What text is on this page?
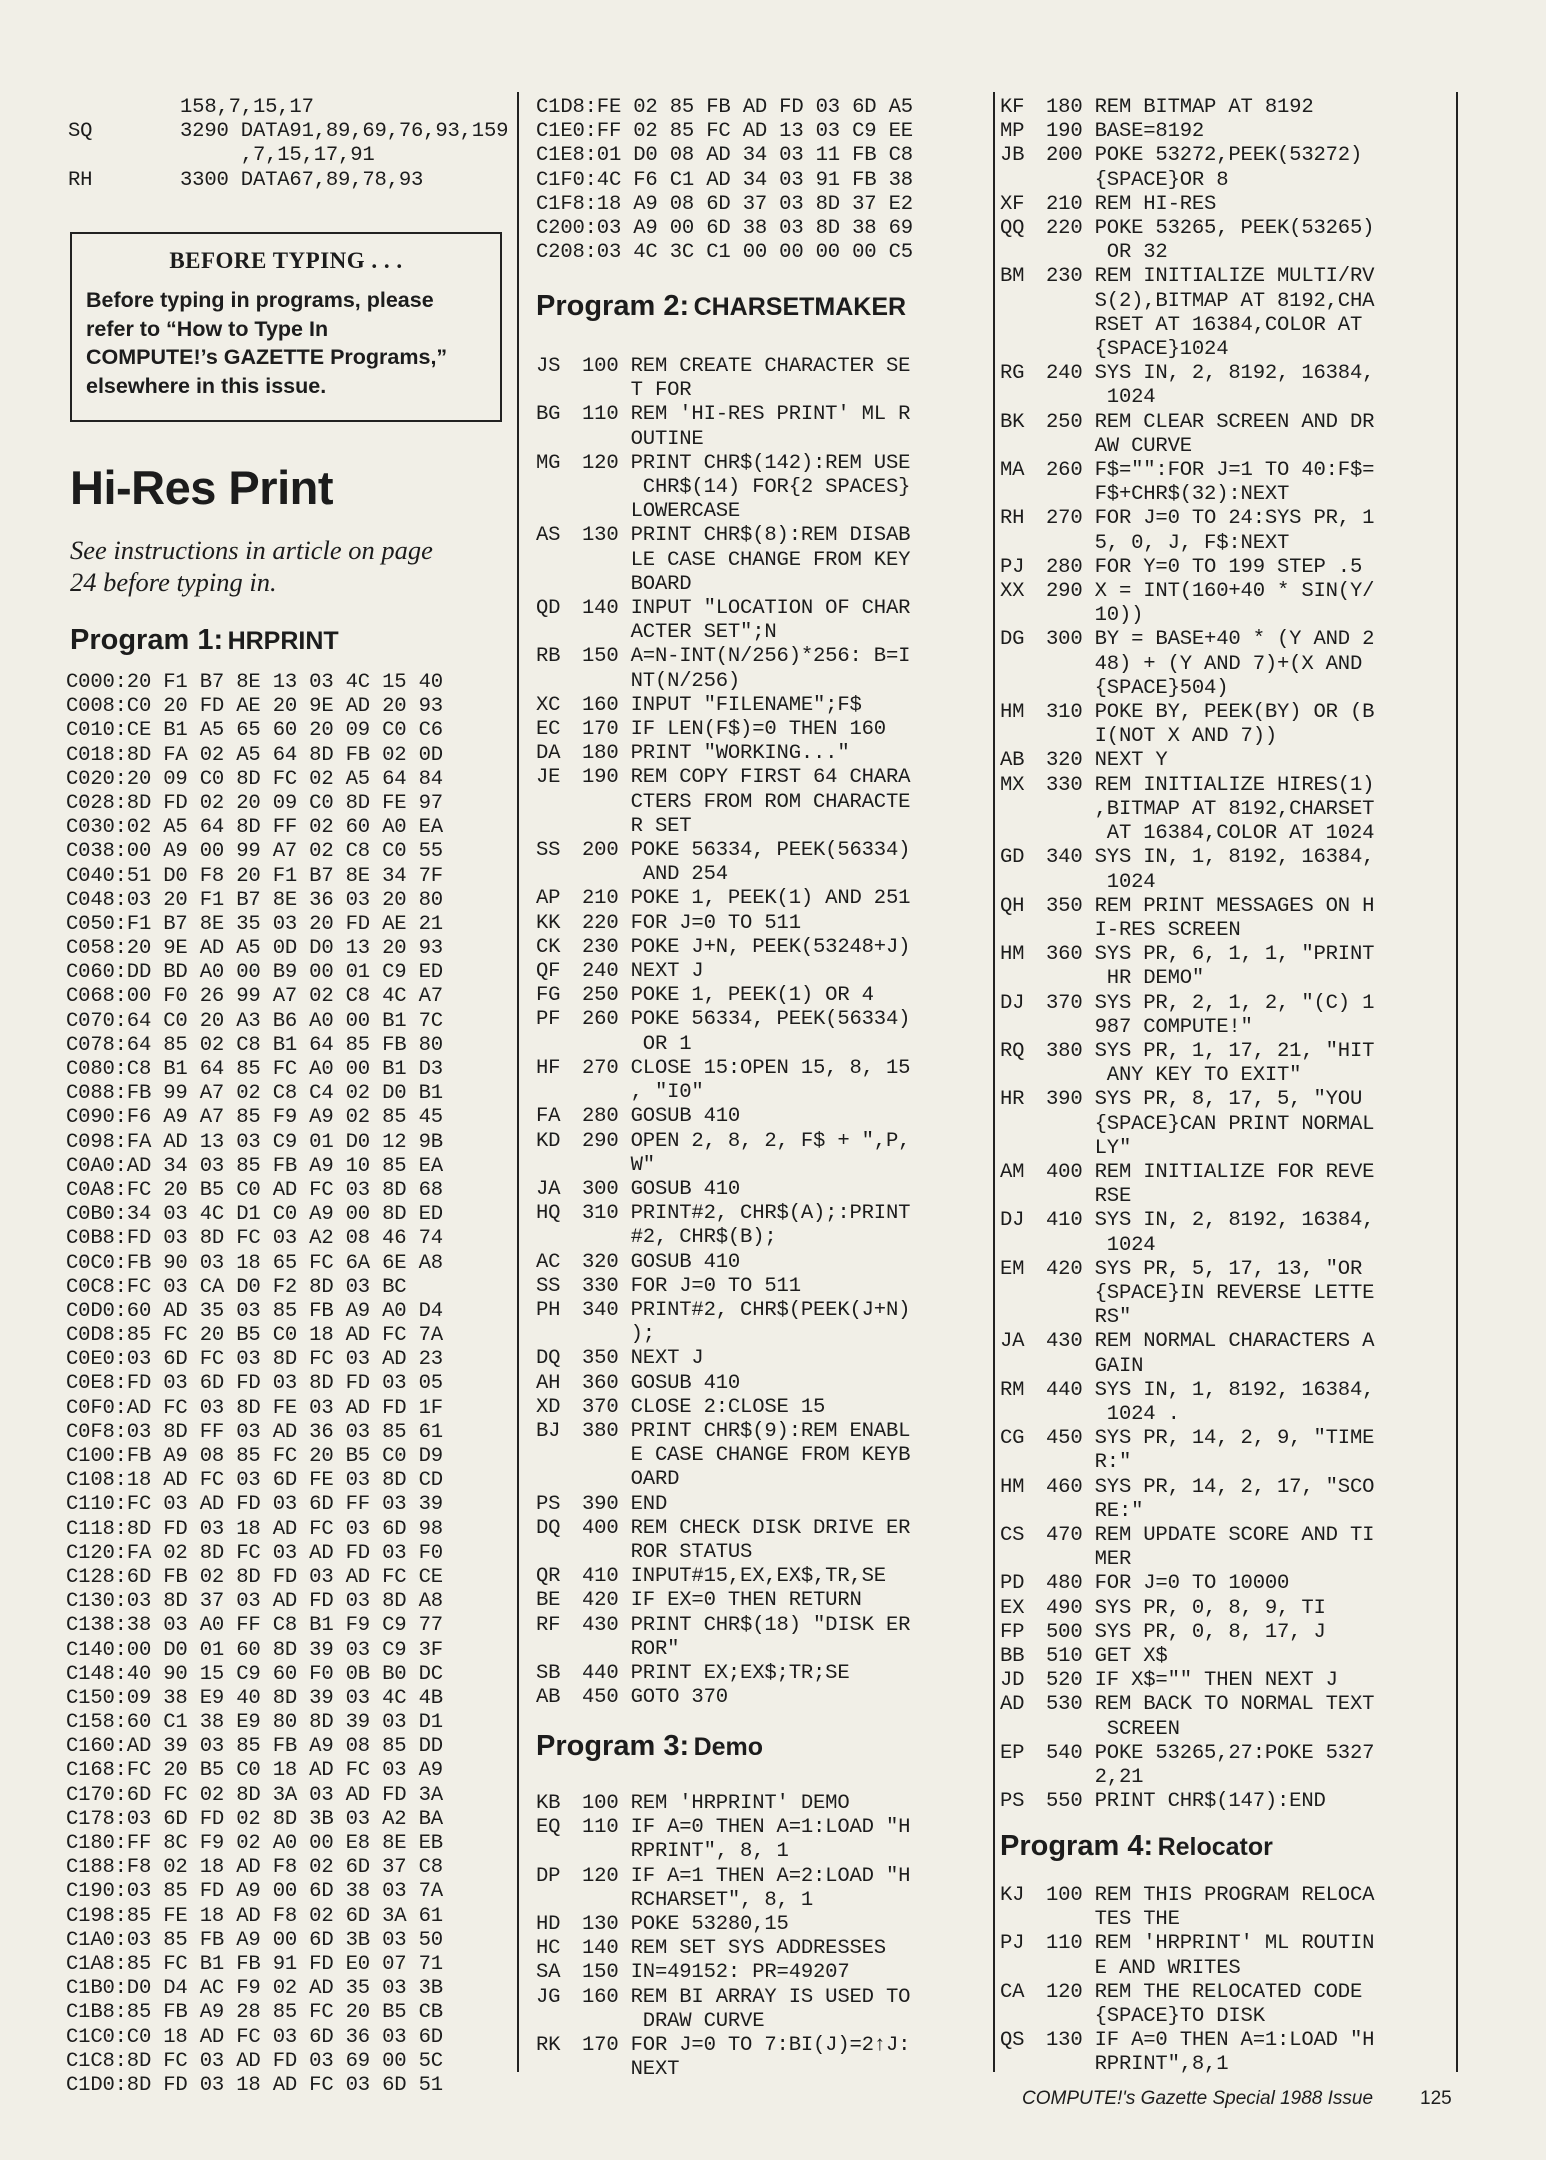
158,7,15,17
SQ	3290 DATA91,89,69,76,93,159
,7,15,17,91
RH	3300 DATA67,89,78,93
BEFORE TYPING . . .
Before typing in programs, please
refer to “How to Type In
COMPUTE!’s GAZETTE Programs,”
elsewhere in this issue.
Hi-Res Print
See instructions in article on page
24 before typing in.
Program 1: HRPRINT
C000:20 F1 B7 8E 13 03 4C 15 40
C008:C0 20 FD AE 20 9E AD 20 93
C010:CE B1 A5 65 60 20 09 C0 C6
C018:8D FA 02 A5 64 8D FB 02 0D
C020:20 09 C0 8D FC 02 A5 64 84
C028:8D FD 02 20 09 C0 8D FE 97
C030:02 A5 64 8D FF 02 60 A0 EA
C038:00 A9 00 99 A7 02 C8 C0 55
C040:51 D0 F8 20 F1 B7 8E 34 7F
C048:03 20 F1 B7 8E 36 03 20 80
C050:F1 B7 8E 35 03 20 FD AE 21
C058:20 9E AD A5 0D D0 13 20 93
C060:DD BD A0 00 B9 00 01 C9 ED
C068:00 F0 26 99 A7 02 C8 4C A7
C070:64 C0 20 A3 B6 A0 00 B1 7C
C078:64 85 02 C8 B1 64 85 FB 80
C080:C8 B1 64 85 FC A0 00 B1 D3
C088:FB 99 A7 02 C8 C4 02 D0 B1
C090:F6 A9 A7 85 F9 A9 02 85 45
C098:FA AD 13 03 C9 01 D0 12 9B
C0A0:AD 34 03 85 FB A9 10 85 EA
C0A8:FC 20 B5 C0 AD FC 03 8D 68
C0B0:34 03 4C D1 C0 A9 00 8D ED
C0B8:FD 03 8D FC 03 A2 08 46 74
C0C0:FB 90 03 18 65 FC 6A 6E A8
C0C8:FC 03 CA D0 F2 8D 03 BC
C0D0:60 AD 35 03 85 FB A9 A0 D4
C0D8:85 FC 20 B5 C0 18 AD FC 7A
C0E0:03 6D FC 03 8D FC 03 AD 23
C0E8:FD 03 6D FD 03 8D FD 03 05
C0F0:AD FC 03 8D FE 03 AD FD 1F
C0F8:03 8D FF 03 AD 36 03 85 61
C100:FB A9 08 85 FC 20 B5 C0 D9
C108:18 AD FC 03 6D FE 03 8D CD
C110:FC 03 AD FD 03 6D FF 03 39
C118:8D FD 03 18 AD FC 03 6D 98
C120:FA 02 8D FC 03 AD FD 03 F0
C128:6D FB 02 8D FD 03 AD FC CE
C130:03 8D 37 03 AD FD 03 8D A8
C138:38 03 A0 FF C8 B1 F9 C9 77
C140:00 D0 01 60 8D 39 03 C9 3F
C148:40 90 15 C9 60 F0 0B B0 DC
C150:09 38 E9 40 8D 39 03 4C 4B
C158:60 C1 38 E9 80 8D 39 03 D1
C160:AD 39 03 85 FB A9 08 85 DD
C168:FC 20 B5 C0 18 AD FC 03 A9
C170:6D FC 02 8D 3A 03 AD FD 3A
C178:03 6D FD 02 8D 3B 03 A2 BA
C180:FF 8C F9 02 A0 00 E8 8E EB
C188:F8 02 18 AD F8 02 6D 37 C8
C190:03 85 FD A9 00 6D 38 03 7A
C198:85 FE 18 AD F8 02 6D 3A 61
C1A0:03 85 FB A9 00 6D 3B 03 50
C1A8:85 FC B1 FB 91 FD E0 07 71
C1B0:D0 D4 AC F9 02 AD 35 03 3B
C1B8:85 FB A9 28 85 FC 20 B5 CB
C1C0:C0 18 AD FC 03 6D 36 03 6D
C1C8:8D FC 03 AD FD 03 69 00 5C
C1D0:8D FD 03 18 AD FC 03 6D 51
C1D8:FE 02 85 FB AD FD 03 6D A5
C1E0:FF 02 85 FC AD 13 03 C9 EE
C1E8:01 D0 08 AD 34 03 11 FB C8
C1F0:4C F6 C1 AD 34 03 91 FB 38
C1F8:18 A9 08 6D 37 03 8D 37 E2
C200:03 A9 00 6D 38 03 8D 38 69
C208:03 4C 3C C1 00 00 00 00 C5
Program 2: CHARSETMAKER
JS	100 REM CREATE CHARACTER SE
T FOR
BG	110 REM 'HI-RES PRINT' ML R
OUTINE
MG	120 PRINT CHR$(142):REM USE
CHR$(14) FOR{2 SPACES}
LOWERCASE
AS	130 PRINT CHR$(8):REM DISAB
LE CASE CHANGE FROM KEY
BOARD
QD	140 INPUT "LOCATION OF CHAR
ACTER SET";N
RB	150 A=N-INT(N/256)*256: B=I
NT(N/256)
XC	160 INPUT "FILENAME";F$
EC	170 IF LEN(F$)=0 THEN 160
DA	180 PRINT "WORKING..."
JE	190 REM COPY FIRST 64 CHARA
CTERS FROM ROM CHARACTE
R SET
SS	200 POKE 56334, PEEK(56334)
AND 254
AP	210 POKE 1, PEEK(1) AND 251
KK	220 FOR J=0 TO 511
CK	230 POKE J+N, PEEK(53248+J)
QF	240 NEXT J
FG	250 POKE 1, PEEK(1) OR 4
PF	260 POKE 56334, PEEK(56334)
OR 1
HF	270 CLOSE 15:OPEN 15, 8, 15
, "I0"
FA	280 GOSUB 410
KD	290 OPEN 2, 8, 2, F$ + ",P,
W"
JA	300 GOSUB 410
HQ	310 PRINT#2, CHR$(A);:PRINT
#2, CHR$(B);
AC	320 GOSUB 410
SS	330 FOR J=0 TO 511
PH	340 PRINT#2, CHR$(PEEK(J+N)
);
DQ	350 NEXT J
AH	360 GOSUB 410
XD	370 CLOSE 2:CLOSE 15
BJ	380 PRINT CHR$(9):REM ENABL
E CASE CHANGE FROM KEYB
OARD
PS	390 END
DQ	400 REM CHECK DISK DRIVE ER
ROR STATUS
QR	410 INPUT#15,EX,EX$,TR,SE
BE	420 IF EX=0 THEN RETURN
RF	430 PRINT CHR$(18) "DISK ER
ROR"
SB	440 PRINT EX;EX$;TR;SE
AB	450 GOTO 370
Program 3: Demo
KB	100 REM 'HRPRINT' DEMO
EQ	110 IF A=0 THEN A=1:LOAD "H
RPRINT", 8, 1
DP	120 IF A=1 THEN A=2:LOAD "H
RCHARSET", 8, 1
HD	130 POKE 53280,15
HC	140 REM SET SYS ADDRESSES
SA	150 IN=49152: PR=49207
JG	160 REM BI ARRAY IS USED TO
DRAW CURVE
RK	170 FOR J=0 TO 7:BI(J)=2↑J:
NEXT
KF	180 REM BITMAP AT 8192
MP	190 BASE=8192
JB	200 POKE 53272,PEEK(53272)
{SPACE}OR 8
XF	210 REM HI-RES
QQ	220 POKE 53265, PEEK(53265)
OR 32
BM	230 REM INITIALIZE MULTI/RV
S(2),BITMAP AT 8192,CHA
RSET AT 16384,COLOR AT
{SPACE}1024
RG	240 SYS IN, 2, 8192, 16384,
1024
BK	250 REM CLEAR SCREEN AND DR
AW CURVE
MA	260 F$="":FOR J=1 TO 40:F$=
F$+CHR$(32):NEXT
RH	270 FOR J=0 TO 24:SYS PR, 1
5, 0, J, F$:NEXT
PJ	280 FOR Y=0 TO 199 STEP .5
XX	290 X = INT(160+40 * SIN(Y/
10))
DG	300 BY = BASE+40 * (Y AND 2
48) + (Y AND 7)+(X AND
{SPACE}504)
HM	310 POKE BY, PEEK(BY) OR (B
I(NOT X AND 7))
AB	320 NEXT Y
MX	330 REM INITIALIZE HIRES(1)
,BITMAP AT 8192,CHARSET
AT 16384,COLOR AT 1024
GD	340 SYS IN, 1, 8192, 16384,
1024
QH	350 REM PRINT MESSAGES ON H
I-RES SCREEN
HM	360 SYS PR, 6, 1, 1, "PRINT
HR DEMO"
DJ	370 SYS PR, 2, 1, 2, "(C) 1
987 COMPUTE!"
RQ	380 SYS PR, 1, 17, 21, "HIT
ANY KEY TO EXIT"
HR	390 SYS PR, 8, 17, 5, "YOU
{SPACE}CAN PRINT NORMAL
LY"
AM	400 REM INITIALIZE FOR REVE
RSE
DJ	410 SYS IN, 2, 8192, 16384,
1024
EM	420 SYS PR, 5, 17, 13, "OR
{SPACE}IN REVERSE LETTE
RS"
JA	430 REM NORMAL CHARACTERS A
GAIN
RM	440 SYS IN, 1, 8192, 16384,
1024 .
CG	450 SYS PR, 14, 2, 9, "TIME
R:"
HM	460 SYS PR, 14, 2, 17, "SCO
RE:"
CS	470 REM UPDATE SCORE AND TI
MER
PD	480 FOR J=0 TO 10000
EX	490 SYS PR, 0, 8, 9, TI
FP	500 SYS PR, 0, 8, 17, J
BB	510 GET X$
JD	520 IF X$="" THEN NEXT J
AD	530 REM BACK TO NORMAL TEXT
SCREEN
EP	540 POKE 53265,27:POKE 5327
2,21
PS	550 PRINT CHR$(147):END
Program 4: Relocator
KJ	100 REM THIS PROGRAM RELOCA
TES THE
PJ	110 REM 'HRPRINT' ML ROUTIN
E AND WRITES
CA	120 REM THE RELOCATED CODE
{SPACE}TO DISK
QS	130 IF A=0 THEN A=1:LOAD "H
RPRINT",8,1
COMPUTE!'s Gazette Special 1988 Issue 125
